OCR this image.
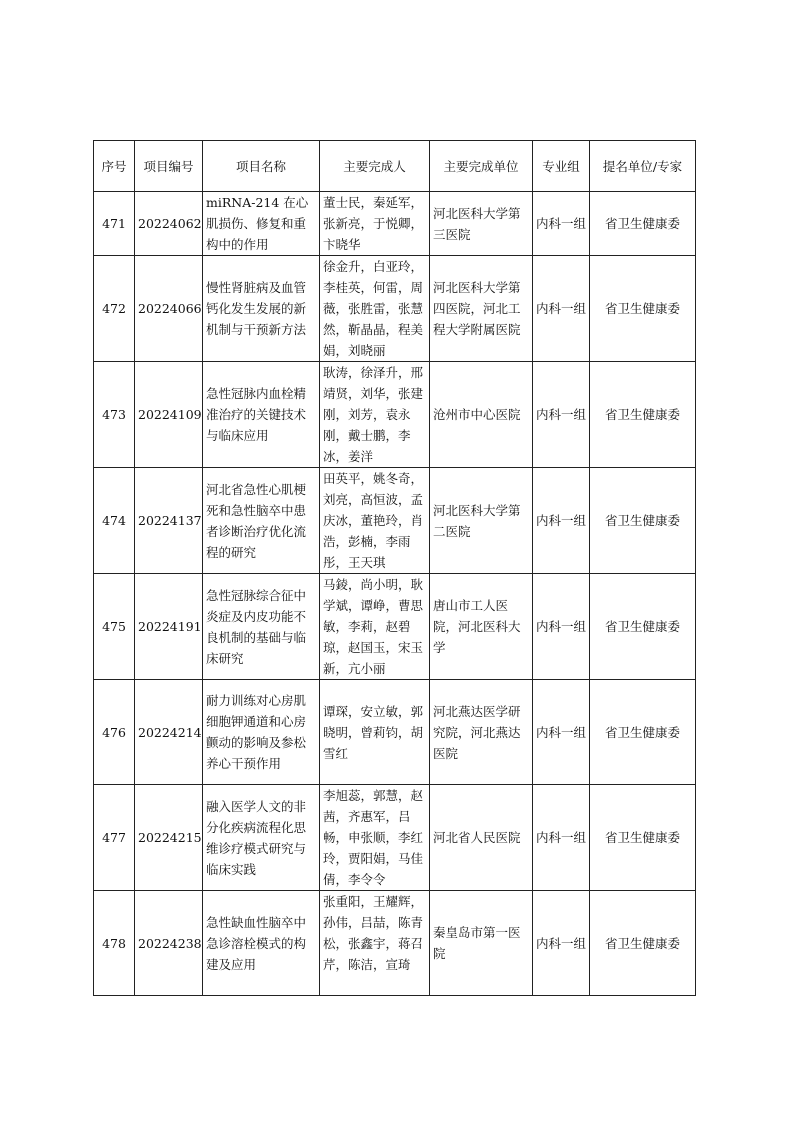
序号	项目编号	项目名称	主要完成人	主要完成单位	专业组	提名单位/专家
471	20224062	miRNA-214 在心肌损伤、修复和重构中的作用	董士民，秦延军，张新亮，于悦卿，卞晓华	河北医科大学第三医院	内科一组	省卫生健康委
472	20224066	慢性肾脏病及血管钙化发生发展的新机制与干预新方法	徐金升，白亚玲，李桂英，何雷，周薇，张胜雷，张慧然，靳晶晶，程美娟，刘晓丽	河北医科大学第四医院，河北工程大学附属医院	内科一组	省卫生健康委
473	20224109	急性冠脉内血栓精准治疗的关键技术与临床应用	耿涛，徐泽升，邢靖贤，刘华，张建刚，刘芳，袁永刚，戴士鹏，李冰，姜洋	沧州市中心医院	内科一组	省卫生健康委
474	20224137	河北省急性心肌梗死和急性脑卒中患者诊断治疗优化流程的研究	田英平，姚冬奇，刘亮，高恒波，孟庆冰，董艳玲，肖浩，彭楠，李雨彤，王天琪	河北医科大学第二医院	内科一组	省卫生健康委
475	20224191	急性冠脉综合征中炎症及内皮功能不良机制的基础与临床研究	马錂，尚小明，耿学斌，谭峥，曹思敏，李莉，赵碧琼，赵国玉，宋玉新，亢小丽	唐山市工人医院，河北医科大学	内科一组	省卫生健康委
476	20224214	耐力训练对心房肌细胞钾通道和心房颤动的影响及参松养心干预作用	谭琛，安立敏，郭晓明，曾莉钧，胡雪红	河北燕达医学研究院，河北燕达医院	内科一组	省卫生健康委
477	20224215	融入医学人文的非分化疾病流程化思维诊疗模式研究与临床实践	李旭蕊，郭慧，赵茜，齐惠军，吕畅，申张顺，李红玲，贾阳娟，马佳倩，李令令	河北省人民医院	内科一组	省卫生健康委
478	20224238	急性缺血性脑卒中急诊溶栓模式的构建及应用	张重阳，王耀辉，孙伟，吕喆，陈青松，张鑫宇，蒋召芹，陈洁，宣琦	秦皇岛市第一医院	内科一组	省卫生健康委
